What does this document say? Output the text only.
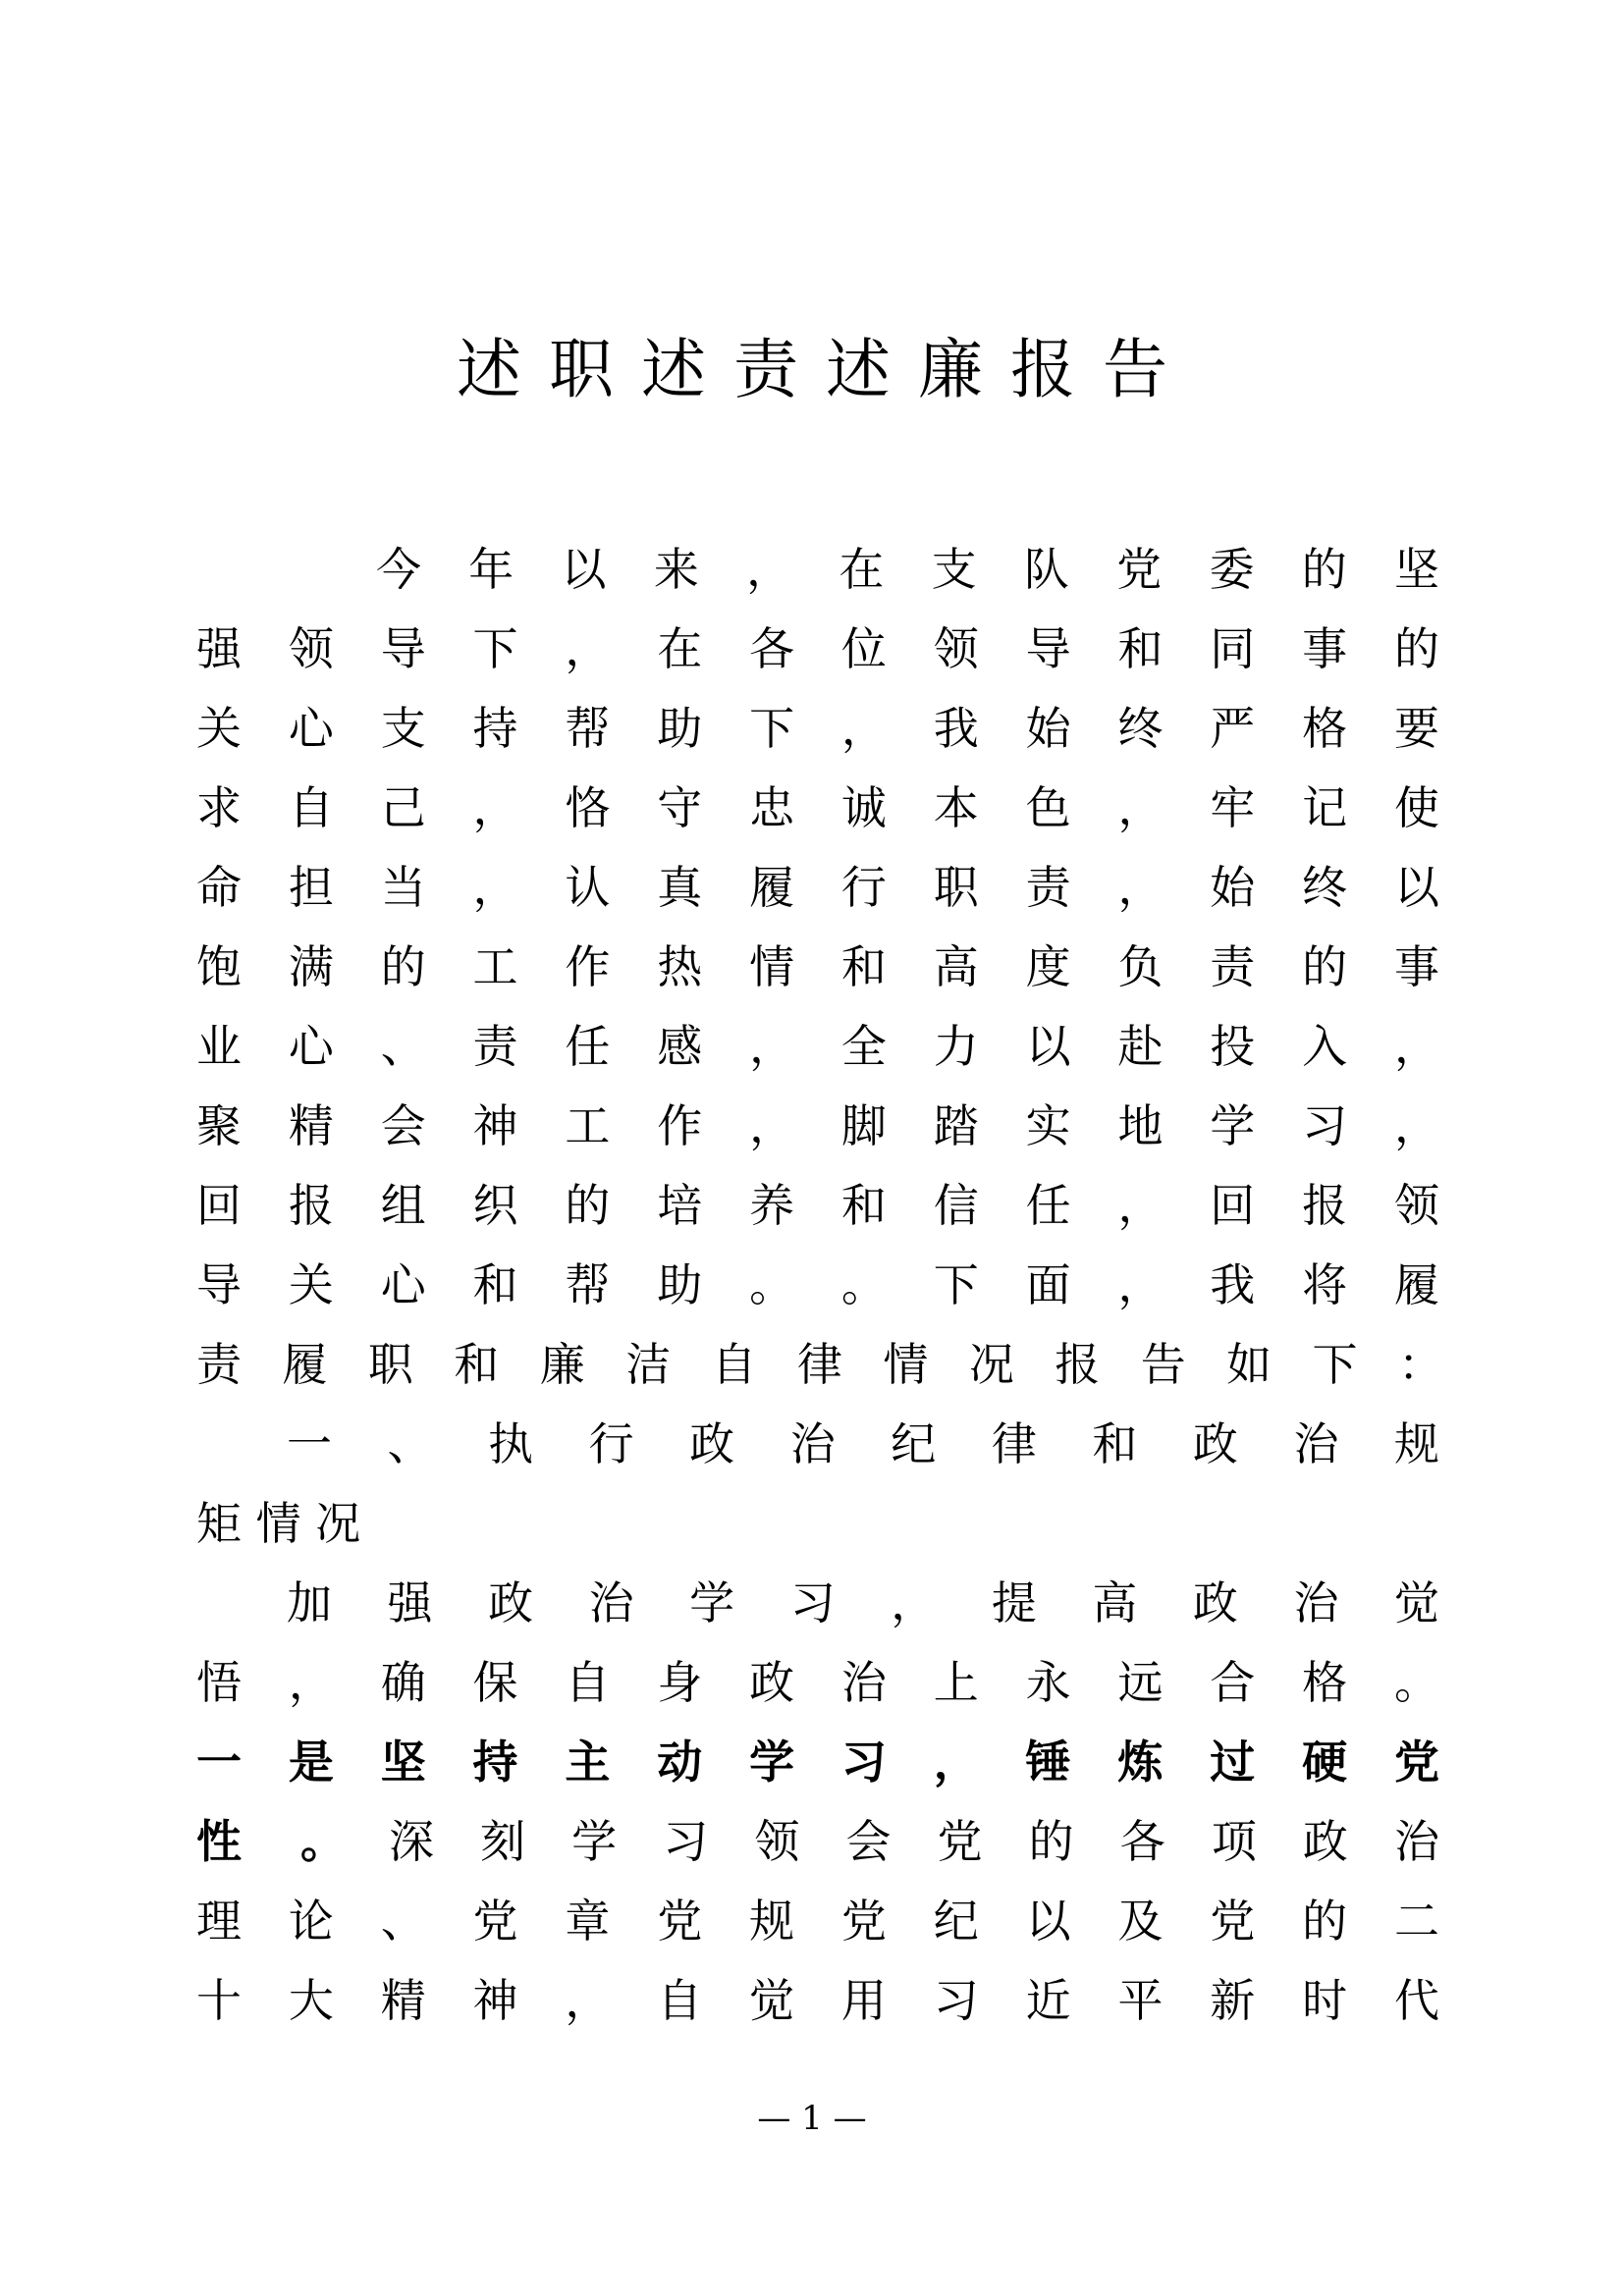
述职述责述廉报告
今 年 以 来 ， 在 支 队 党 委 的 坚
强 领 导 下 ， 在 各 位 领 导 和 同 事 的
关 心 支 持 帮 助 下 ， 我 始 终 严 格 要
求 自 己 ， 恪 守 忠 诚 本 色 ， 牢 记 使
命 担 当 ， 认 真 履 行 职 责 ， 始 终 以
饱 满 的 工 作 热 情 和 高 度 负 责 的 事
业 心 、 责 任 感 ， 全 力 以 赴 投 入 ，
聚 精 会 神 工 作 ， 脚 踏 实 地 学 习 ，
回 报 组 织 的 培 养 和 信 任 ， 回 报 领
导 关 心 和 帮 助 。 。 下 面 ， 我 将 履
责 履 职 和 廉 洁 自 律 情 况 报 告 如 下 ：
一 、 执 行 政 治 纪 律 和 政 治 规
矩 情 况
加 强 政 治 学 习 ， 提 高 政 治 觉
悟 ， 确 保 自 身 政 治 上 永 远 合 格 。
一 是 坚 持 主 动 学 习 ， 锤 炼 过 硬 党
性 。 深 刻 学 习 领 会 党 的 各 项 政 治
理 论 、 党 章 党 规 党 纪 以 及 党 的 二
十 大 精 神 ， 自 觉 用 习 近 平 新 时 代
— 1 —
